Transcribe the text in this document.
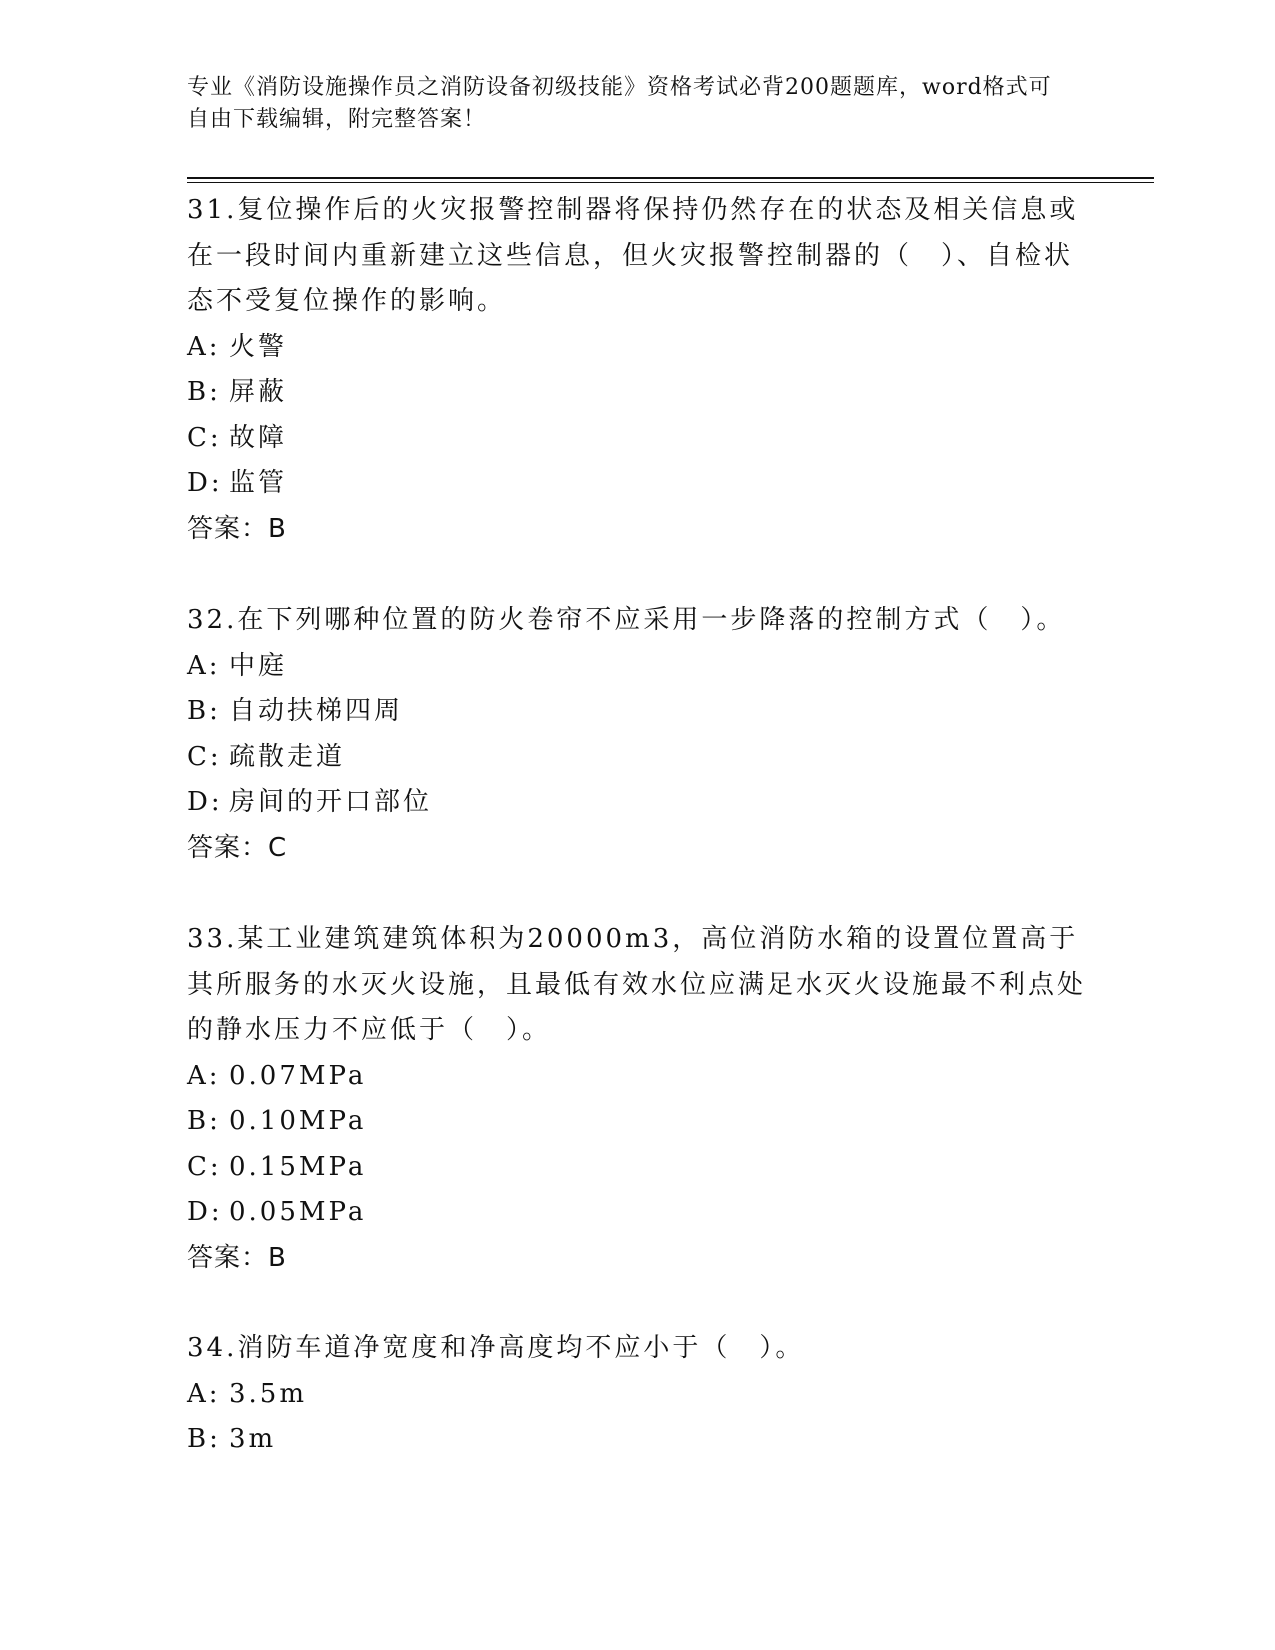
专业《消防设施操作员之消防设备初级技能》资格考试必背200题题库，word格式可自由下载编辑，附完整答案！

31.复位操作后的火灾报警控制器将保持仍然存在的状态及相关信息或在一段时间内重新建立这些信息，但火灾报警控制器的（　）、自检状态不受复位操作的影响。

A: 火警

B: 屏蔽

C: 故障

D: 监管

答案：B

32.在下列哪种位置的防火卷帘不应采用一步降落的控制方式（　）。

A: 中庭

B: 自动扶梯四周

C: 疏散走道

D: 房间的开口部位

答案：C

33.某工业建筑建筑体积为20000m3，高位消防水箱的设置位置高于其所服务的水灭火设施，且最低有效水位应满足水灭火设施最不利点处的静水压力不应低于（　）。

A: 0.07MPa

B: 0.10MPa

C: 0.15MPa

D: 0.05MPa

答案：B

34.消防车道净宽度和净高度均不应小于（　）。

A: 3.5m

B: 3m
